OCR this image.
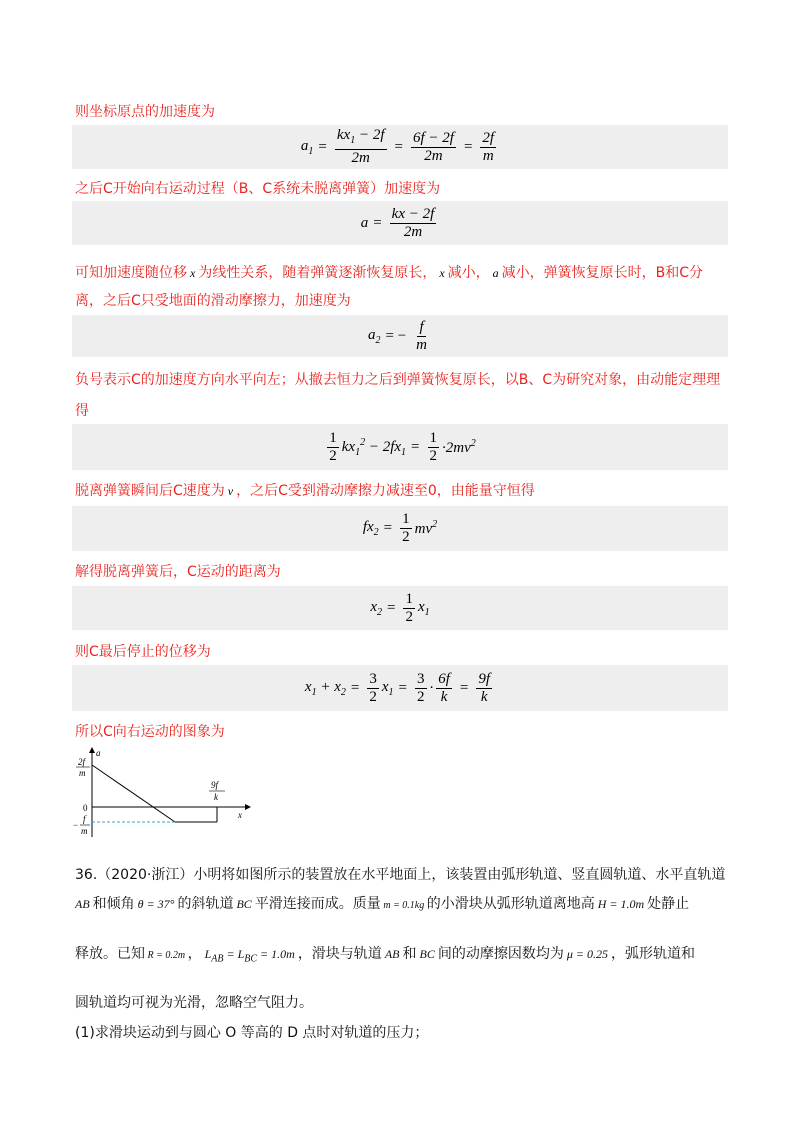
则坐标原点的加速度为
$a_1 = \frac{kx_1 - 2f}{2m} = \frac{6f - 2f}{2m} = \frac{2f}{m}$
之后C开始向右运动过程（B、C系统未脱离弹簧）加速度为
$a = \frac{kx - 2f}{2m}$
可知加速度随位移 x 为线性关系，随着弹簧逐渐恢复原长， x 减小， a 减小，弹簧恢复原长时，B和C分
离，之后C只受地面的滑动摩擦力，加速度为
$a_2$ = − $\frac{f}{m}$
负号表示C的加速度方向水平向左；从撤去恒力之后到弹簧恢复原长，以B、C为研究对象，由动能定理理
得
$\frac{1}{2} kx_1^2 - 2fx_1 = \frac{1}{2} \cdot 2mv^2$
脱离弹簧瞬间后C速度为 v ，之后C受到滑动摩擦力减速至0，由能量守恒得
$fx_2 = \frac{1}{2} mv^2$
解得脱离弹簧后，C运动的距离为
$x_2 = \frac{1}{2} x_1$
则C最后停止的位移为
$x_1 + x_2 = \frac{3}{2} x_1 = \frac{3}{2} \cdot \frac{6f}{k} = \frac{9f}{k}$
所以C向右运动的图象为
a
x
0
2f
m
−
f
m
9f
k
36.（2020·浙江）小明将如图所示的装置放在水平地面上，该装置由弧形轨道、竖直圆轨道、水平直轨道
AB 和倾角 θ = 37° 的斜轨道 BC 平滑连接而成。质量 m = 0.1kg 的小滑块从弧形轨道离地高 H = 1.0m 处静止
释放。已知 R = 0.2m ， $L_{AB} = L_{BC} = 1.0m$ ，滑块与轨道 AB 和 BC 间的动摩擦因数均为 μ = 0.25 ，弧形轨道和
圆轨道均可视为光滑，忽略空气阻力。
(1)求滑块运动到与圆心 O 等高的 D 点时对轨道的压力；
